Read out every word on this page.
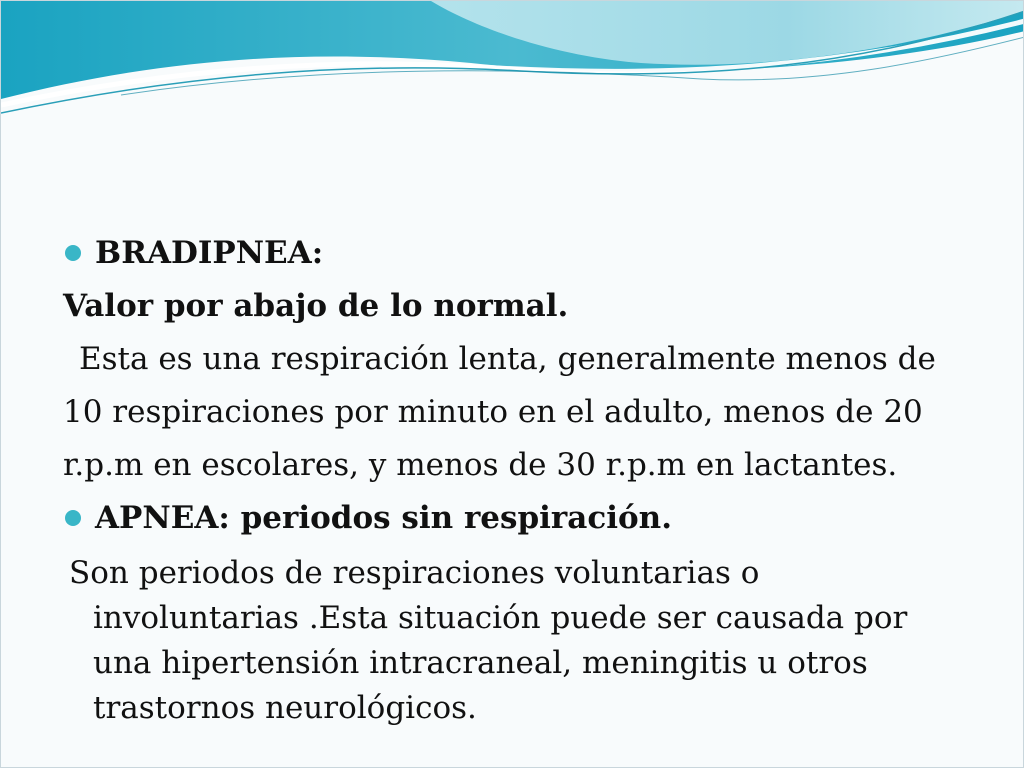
BRADIPNEA:
Valor por abajo de lo normal.
Esta es una respiración lenta, generalmente menos de
10 respiraciones por minuto en el adulto, menos de 20
r.p.m en escolares, y menos de 30 r.p.m en lactantes.
APNEA: periodos sin respiración.
Son periodos de respiraciones voluntarias o
involuntarias .Esta situación puede ser causada por
una hipertensión intracraneal, meningitis u otros
trastornos neurológicos.
